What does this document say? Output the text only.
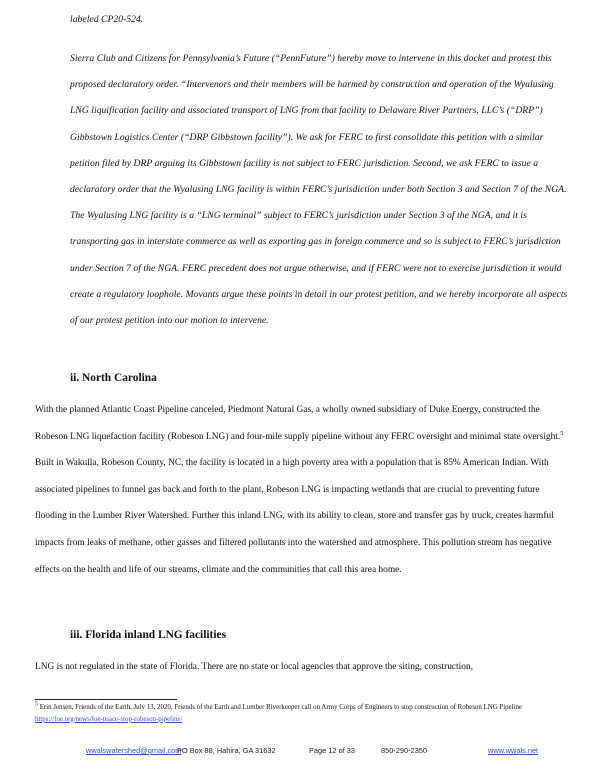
labeled CP20-524.

Sierra Club and Citizens for Pennsylvania’s Future (“PennFuture”) hereby move to intervene in this docket and protest this proposed declaratory order. “Intervenors and their members will be harmed by construction and operation of the Wyalusing LNG liquification facility and associated transport of LNG from that facility to Delaware River Partners, LLC’s (“DRP”) Gibbstown Logistics Center (“DRP Gibbstown facility”). We ask for FERC to first consolidate this petition with a similar petition filed by DRP arguing its Gibbstown facility is not subject to FERC jurisdiction. Second, we ask FERC to issue a declaratory order that the Wyalusing LNG facility is within FERC’s jurisdiction under both Section 3 and Section 7 of the NGA. The Wyalusing LNG facility is a “LNG terminal” subject to FERC’s jurisdiction under Section 3 of the NGA, and it is transporting gas in interstate commerce as well as exporting gas in foreign commerce and so is subject to FERC’s jurisdiction under Section 7 of the NGA. FERC precedent does not argue otherwise, and if FERC were not to exercise jurisdiction it would create a regulatory loophole. Movants argue these points in detail in our protest petition, and we hereby incorporate all aspects of our protest petition into our motion to intervene.

ii. North Carolina

With the planned Atlantic Coast Pipeline canceled, Piedmont Natural Gas, a wholly owned subsidiary of Duke Energy, constructed the Robeson LNG liquefaction facility (Robeson LNG) and four-mile supply pipeline without any FERC oversight and minimal state oversight.$^5$ Built in Wakulla, Robeson County, NC, the facility is located in a high poverty area with a population that is 85% American Indian. With associated pipelines to funnel gas back and forth to the plant, Robeson LNG is impacting wetlands that are crucial to preventing future flooding in the Lumber River Watershed. Further this inland LNG, with its ability to clean, store and transfer gas by truck, creates harmful impacts from leaks of methane, other gasses and filtered pollutants into the watershed and atmosphere. This pollution stream has negative effects on the health and life of our streams, climate and the communities that call this area home.

iii. Florida inland LNG facilities

LNG is not regulated in the state of Florida. There are no state or local agencies that approve the siting, construction,

$^5$ Erin Jensen, Friends of the Earth, July 13, 2020, Friends of the Earth and Lumber Riverkeeper call on Army Corps of Engineers to stop construction of Robeson LNG Pipeline https://foe.org/news/foe-usace-stop-robeson-pipeline/

wwalswatershed@gmail.com
PO Box 88, Hahira, GA 31632	Page 12 of 33	850-290-2350	www.wwals.net
